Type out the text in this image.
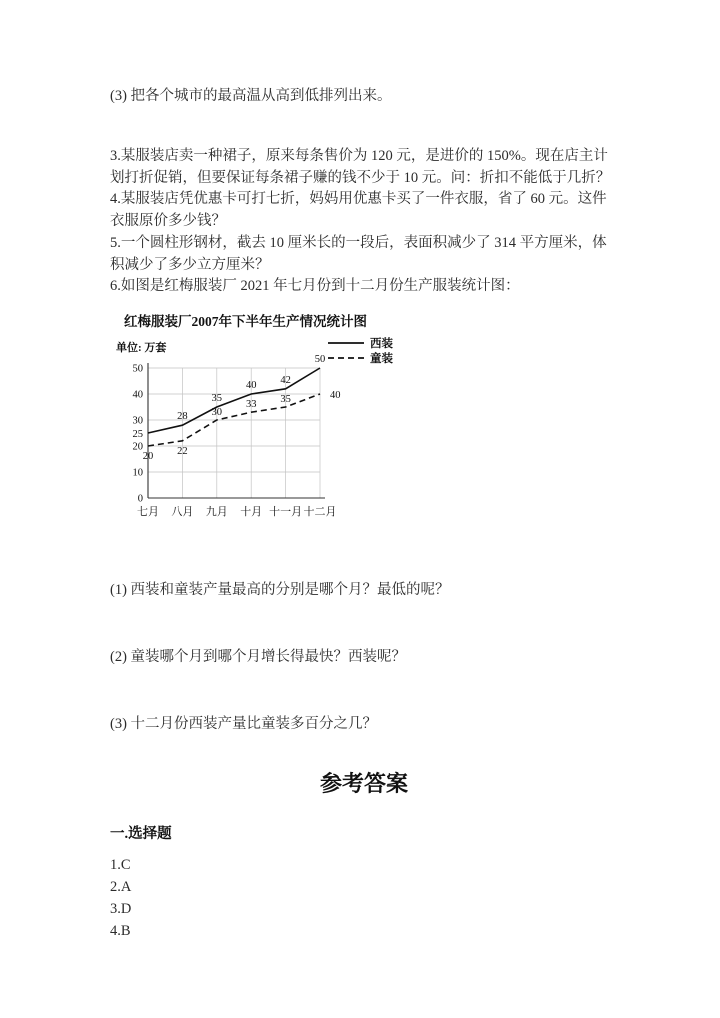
(3) 把各个城市的最高温从高到低排列出来。

3.某服装店卖一种裙子，原来每条售价为 120 元，是进价的 150%。现在店主计划打折促销，但要保证每条裙子赚的钱不少于 10 元。问：折扣不能低于几折？

4.某服装店凭优惠卡可打七折，妈妈用优惠卡买了一件衣服，省了 60 元。这件衣服原价多少钱？

5.一个圆柱形钢材，截去 10 厘米长的一段后，表面积减少了 314 平方厘米，体积减少了多少立方厘米？

6.如图是红梅服装厂 2021 年七月份到十二月份生产服装统计图：

红梅服装厂2007年下半年生产情况统计图
0
10
20
30
40
50
七月 八月 九月 十月 十一月 十二月
单位: 万套
25
28
35
40 42
50
20 22
30
33 35	40
西装
童装

(1) 西装和童装产量最高的分别是哪个月？最低的呢？

(2) 童装哪个月到哪个月增长得最快？西装呢？

(3) 十二月份西装产量比童装多百分之几？

参考答案

一.选择题

1.C

2.A

3.D

4.B
